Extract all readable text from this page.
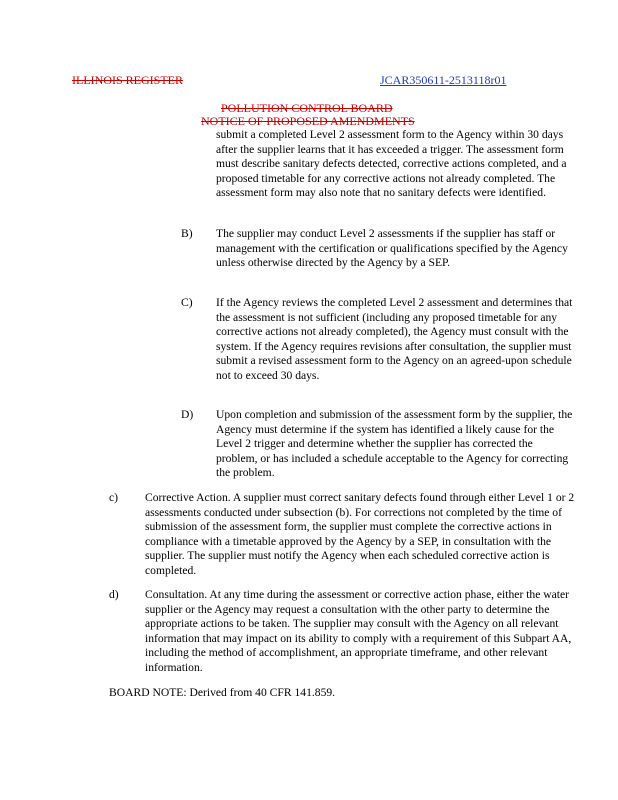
ILLINOIS REGISTER	JCAR350611-2513118r01
POLLUTION CONTROL BOARD
NOTICE OF PROPOSED AMENDMENTS

submit a completed Level 2 assessment form to the Agency within 30 days after the supplier learns that it has exceeded a trigger. The assessment form must describe sanitary defects detected, corrective actions completed, and a proposed timetable for any corrective actions not already completed. The assessment form may also note that no sanitary defects were identified.

B) The supplier may conduct Level 2 assessments if the supplier has staff or management with the certification or qualifications specified by the Agency unless otherwise directed by the Agency by a SEP.

C) If the Agency reviews the completed Level 2 assessment and determines that the assessment is not sufficient (including any proposed timetable for any corrective actions not already completed), the Agency must consult with the system. If the Agency requires revisions after consultation, the supplier must submit a revised assessment form to the Agency on an agreed-upon schedule not to exceed 30 days.

D) Upon completion and submission of the assessment form by the supplier, the Agency must determine if the system has identified a likely cause for the Level 2 trigger and determine whether the supplier has corrected the problem, or has included a schedule acceptable to the Agency for correcting the problem.

c) Corrective Action. A supplier must correct sanitary defects found through either Level 1 or 2 assessments conducted under subsection (b). For corrections not completed by the time of submission of the assessment form, the supplier must complete the corrective actions in compliance with a timetable approved by the Agency by a SEP, in consultation with the supplier. The supplier must notify the Agency when each scheduled corrective action is completed.

d) Consultation. At any time during the assessment or corrective action phase, either the water supplier or the Agency may request a consultation with the other party to determine the appropriate actions to be taken. The supplier may consult with the Agency on all relevant information that may impact on its ability to comply with a requirement of this Subpart AA, including the method of accomplishment, an appropriate timeframe, and other relevant information.

BOARD NOTE: Derived from 40 CFR 141.859.
